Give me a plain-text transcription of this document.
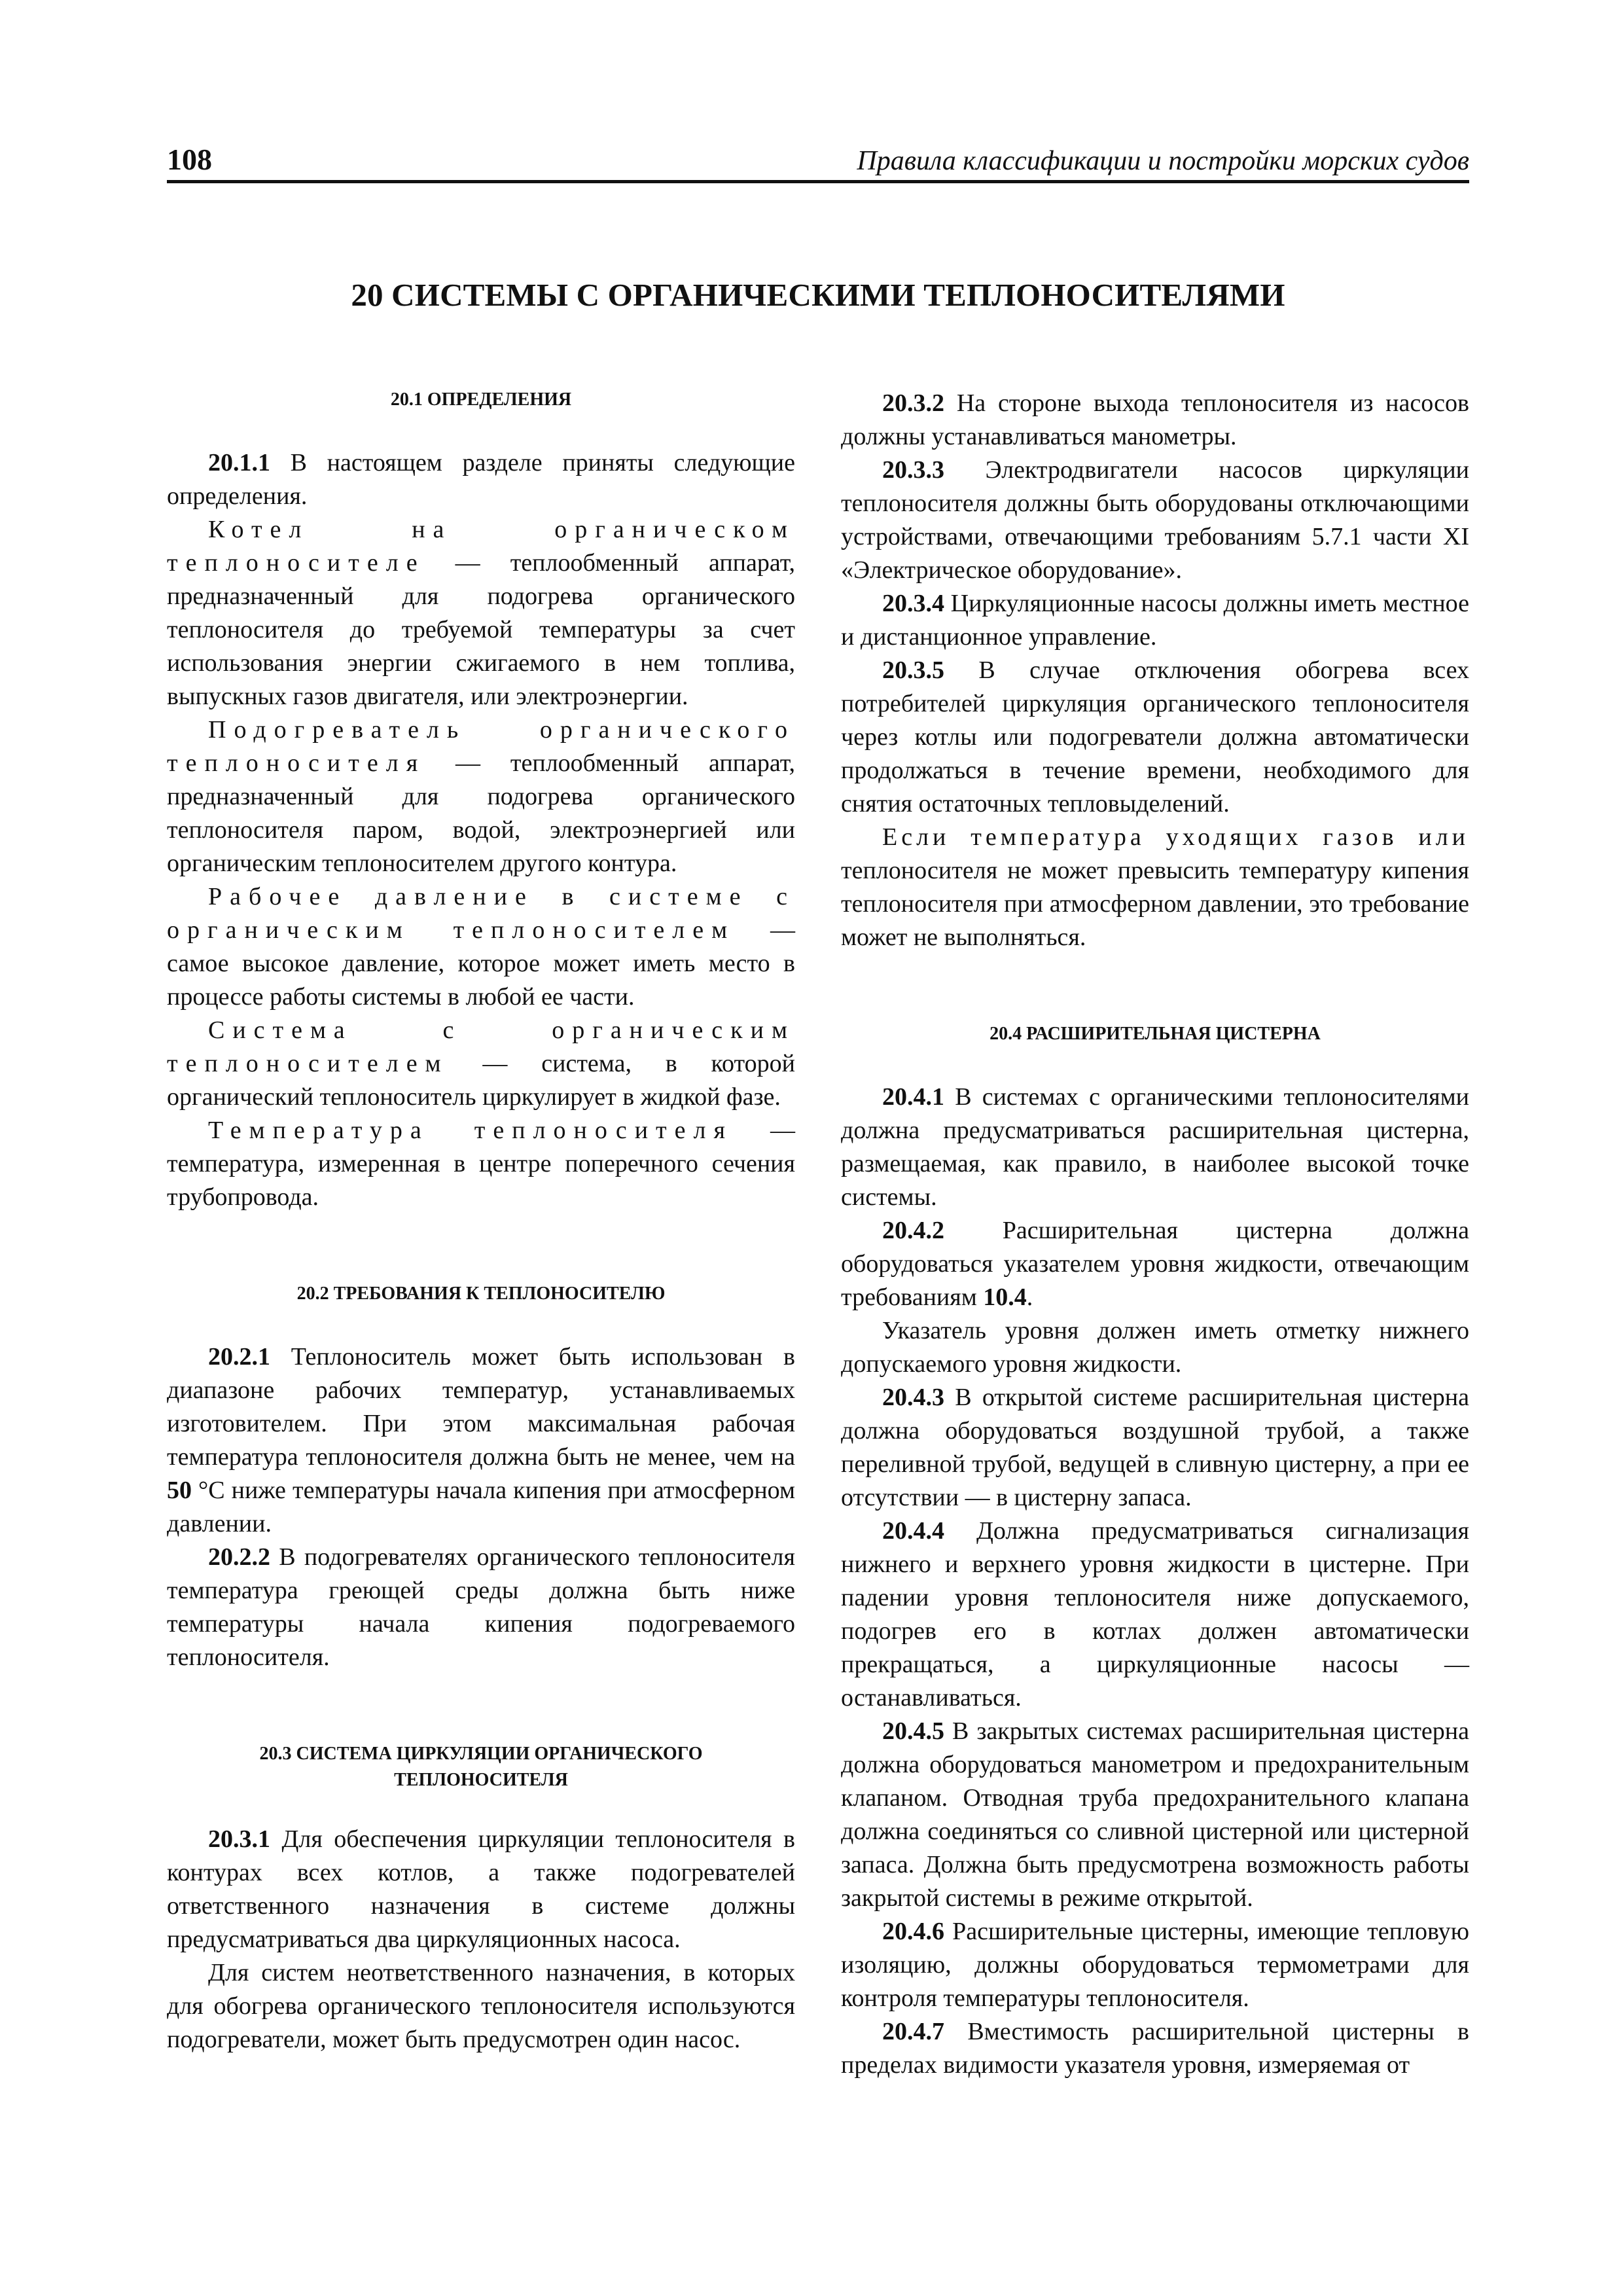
108	Правила классификации и постройки морских судов
20 СИСТЕМЫ С ОРГАНИЧЕСКИМИ ТЕПЛОНОСИТЕЛЯМИ
20.1 ОПРЕДЕЛЕНИЯ

20.1.1 В настоящем разделе приняты следующие определения.

Котел на органическом теплоносителе — теплообменный аппарат, предназначенный для подогрева органического теплоносителя до требуемой температуры за счет использования энергии сжигаемого в нем топлива, выпускных газов двигателя, или электроэнергии.

Подогреватель органического теплоносителя — теплообменный аппарат, предназначенный для подогрева органического теплоносителя паром, водой, электроэнергией или органическим теплоносителем другого контура.

Рабочее давление в системе с органическим теплоносителем — самое высокое давление, которое может иметь место в процессе работы системы в любой ее части.

Система с органическим теплоносителем — система, в которой органический теплоноситель циркулирует в жидкой фазе.

Температура теплоносителя — температура, измеренная в центре поперечного сечения трубопровода.

20.2 ТРЕБОВАНИЯ К ТЕПЛОНОСИТЕЛЮ

20.2.1 Теплоноситель может быть использован в диапазоне рабочих температур, устанавливаемых изготовителем. При этом максимальная рабочая температура теплоносителя должна быть не менее, чем на 50 °С ниже температуры начала кипения при атмосферном давлении.

20.2.2 В подогревателях органического теплоносителя температура греющей среды должна быть ниже температуры начала кипения подогреваемого теплоносителя.

20.3 СИСТЕМА ЦИРКУЛЯЦИИ ОРГАНИЧЕСКОГО
ТЕПЛОНОСИТЕЛЯ

20.3.1 Для обеспечения циркуляции теплоносителя в контурах всех котлов, а также подогревателей ответственного назначения в системе должны предусматриваться два циркуляционных насоса.

Для систем неответственного назначения, в которых для обогрева органического теплоносителя используются подогреватели, может быть предусмотрен один насос.

20.3.2 На стороне выхода теплоносителя из насосов должны устанавливаться манометры.

20.3.3 Электродвигатели насосов циркуляции теплоносителя должны быть оборудованы отключающими устройствами, отвечающими требованиям 5.7.1 части XI «Электрическое оборудование».

20.3.4 Циркуляционные насосы должны иметь местное и дистанционное управление.

20.3.5 В случае отключения обогрева всех потребителей циркуляция органического теплоносителя через котлы или подогреватели должна автоматически продолжаться в течение времени, необходимого для снятия остаточных тепловыделений.

Если температура уходящих газов или теплоносителя не может превысить температуру кипения теплоносителя при атмосферном давлении, это требование может не выполняться.

20.4 РАСШИРИТЕЛЬНАЯ ЦИСТЕРНА

20.4.1 В системах с органическими теплоносителями должна предусматриваться расширительная цистерна, размещаемая, как правило, в наиболее высокой точке системы.

20.4.2 Расширительная цистерна должна оборудоваться указателем уровня жидкости, отвечающим требованиям 10.4.

Указатель уровня должен иметь отметку нижнего допускаемого уровня жидкости.

20.4.3 В открытой системе расширительная цистерна должна оборудоваться воздушной трубой, а также переливной трубой, ведущей в сливную цистерну, а при ее отсутствии — в цистерну запаса.

20.4.4 Должна предусматриваться сигнализация нижнего и верхнего уровня жидкости в цистерне. При падении уровня теплоносителя ниже допускаемого, подогрев его в котлах должен автоматически прекращаться, а циркуляционные насосы — останавливаться.

20.4.5 В закрытых системах расширительная цистерна должна оборудоваться манометром и предохранительным клапаном. Отводная труба предохранительного клапана должна соединяться со сливной цистерной или цистерной запаса. Должна быть предусмотрена возможность работы закрытой системы в режиме открытой.

20.4.6 Расширительные цистерны, имеющие тепловую изоляцию, должны оборудоваться термометрами для контроля температуры теплоносителя.

20.4.7 Вместимость расширительной цистерны в пределах видимости указателя уровня, измеряемая от
